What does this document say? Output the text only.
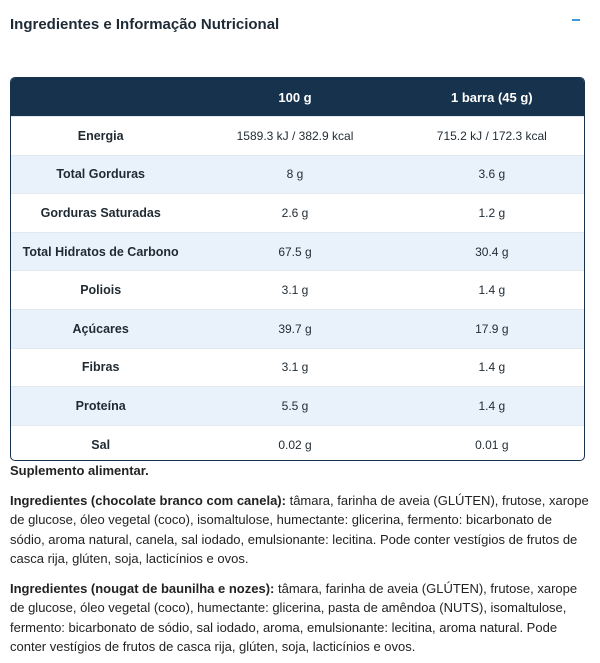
Ingredientes e Informação Nutricional
100 g	1 barra (45 g)
Energia	1589.3 kJ / 382.9 kcal	715.2 kJ / 172.3 kcal
Total Gorduras	8 g	3.6 g
Gorduras Saturadas	2.6 g	1.2 g
Total Hidratos de Carbono	67.5 g	30.4 g
Poliois	3.1 g	1.4 g
Açúcares	39.7 g	17.9 g
Fibras	3.1 g	1.4 g
Proteína	5.5 g	1.4 g
Sal	0.02 g	0.01 g
Suplemento alimentar.

Ingredientes (chocolate branco com canela): tâmara, farinha de aveia (GLÚTEN), frutose, xarope de glucose, óleo vegetal (coco), isomaltulose, humectante: glicerina, fermento: bicarbonato de sódio, aroma natural, canela, sal iodado, emulsionante: lecitina. Pode conter vestígios de frutos de casca rija, glúten, soja, lacticínios e ovos.

Ingredientes (nougat de baunilha e nozes): tâmara, farinha de aveia (GLÚTEN), frutose, xarope de glucose, óleo vegetal (coco), humectante: glicerina, pasta de amêndoa (NUTS), isomaltulose, fermento: bicarbonato de sódio, sal iodado, aroma, emulsionante: lecitina, aroma natural. Pode conter vestígios de frutos de casca rija, glúten, soja, lacticínios e ovos.
